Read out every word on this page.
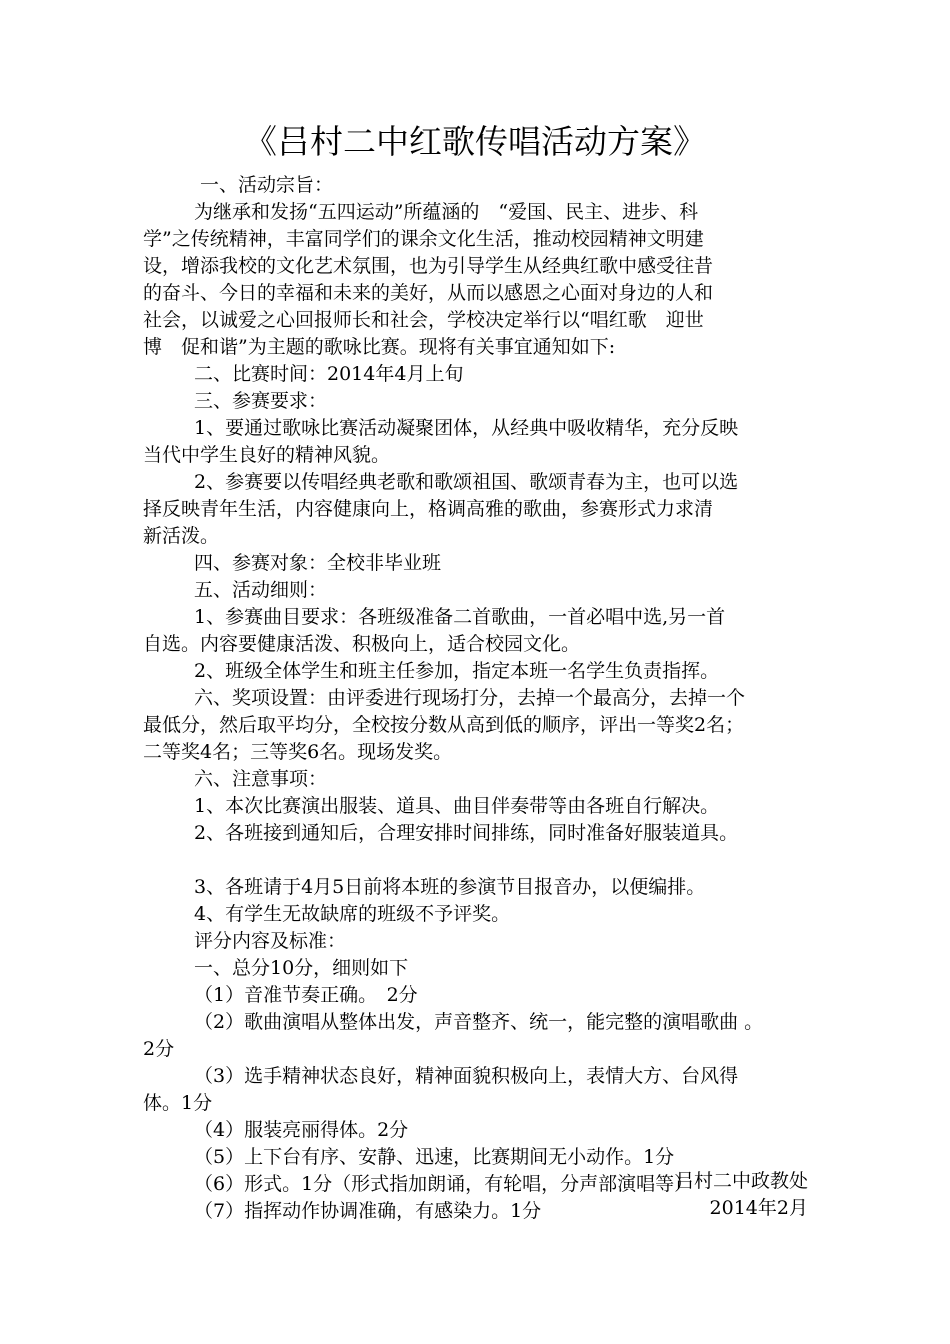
《吕村二中红歌传唱活动方案》

一、活动宗旨：

为继承和发扬“五四运动”所蕴涵的　“爱国、民主、进步、科

学”之传统精神，丰富同学们的课余文化生活，推动校园精神文明建

设，增添我校的文化艺术氛围，也为引导学生从经典红歌中感受往昔

的奋斗、今日的幸福和未来的美好，从而以感恩之心面对身边的人和

社会，以诚爱之心回报师长和社会，学校决定举行以“唱红歌　迎世

博　促和谐”为主题的歌咏比赛。现将有关事宜通知如下:

二、比赛时间：2014年4月上旬

三、参赛要求：

1、要通过歌咏比赛活动凝聚团体，从经典中吸收精华，充分反映

当代中学生良好的精神风貌。

2、参赛要以传唱经典老歌和歌颂祖国、歌颂青春为主，也可以选

择反映青年生活，内容健康向上，格调高雅的歌曲，参赛形式力求清

新活泼。

四、参赛对象：全校非毕业班

五、活动细则：

1、参赛曲目要求：各班级准备二首歌曲，一首必唱中选,另一首

自选。内容要健康活泼、积极向上，适合校园文化。

2、班级全体学生和班主任参加，指定本班一名学生负责指挥。

六、奖项设置：由评委进行现场打分，去掉一个最高分，去掉一个

最低分，然后取平均分，全校按分数从高到低的顺序，评出一等奖2名；

二等奖4名；三等奖6名。现场发奖。

六、注意事项：

1、本次比赛演出服装、道具、曲目伴奏带等由各班自行解决。

2、各班接到通知后，合理安排时间排练，同时准备好服装道具。

3、各班请于4月5日前将本班的参演节目报音办，以便编排。

4、有学生无故缺席的班级不予评奖。

评分内容及标准：

一、总分10分，细则如下

（1）音准节奏正确。　2分

（2）歌曲演唱从整体出发，声音整齐、统一，能完整的演唱歌曲 。

2分

（3）选手精神状态良好，精神面貌积极向上，表情大方、台风得

体。1分

（4）服装亮丽得体。2分

（5）上下台有序、安静、迅速，比赛期间无小动作。1分

（6）形式。1分（形式指加朗诵，有轮唱，分声部演唱等）

（7）指挥动作协调准确，有感染力。1分

吕村二中政教处
2014年2月
